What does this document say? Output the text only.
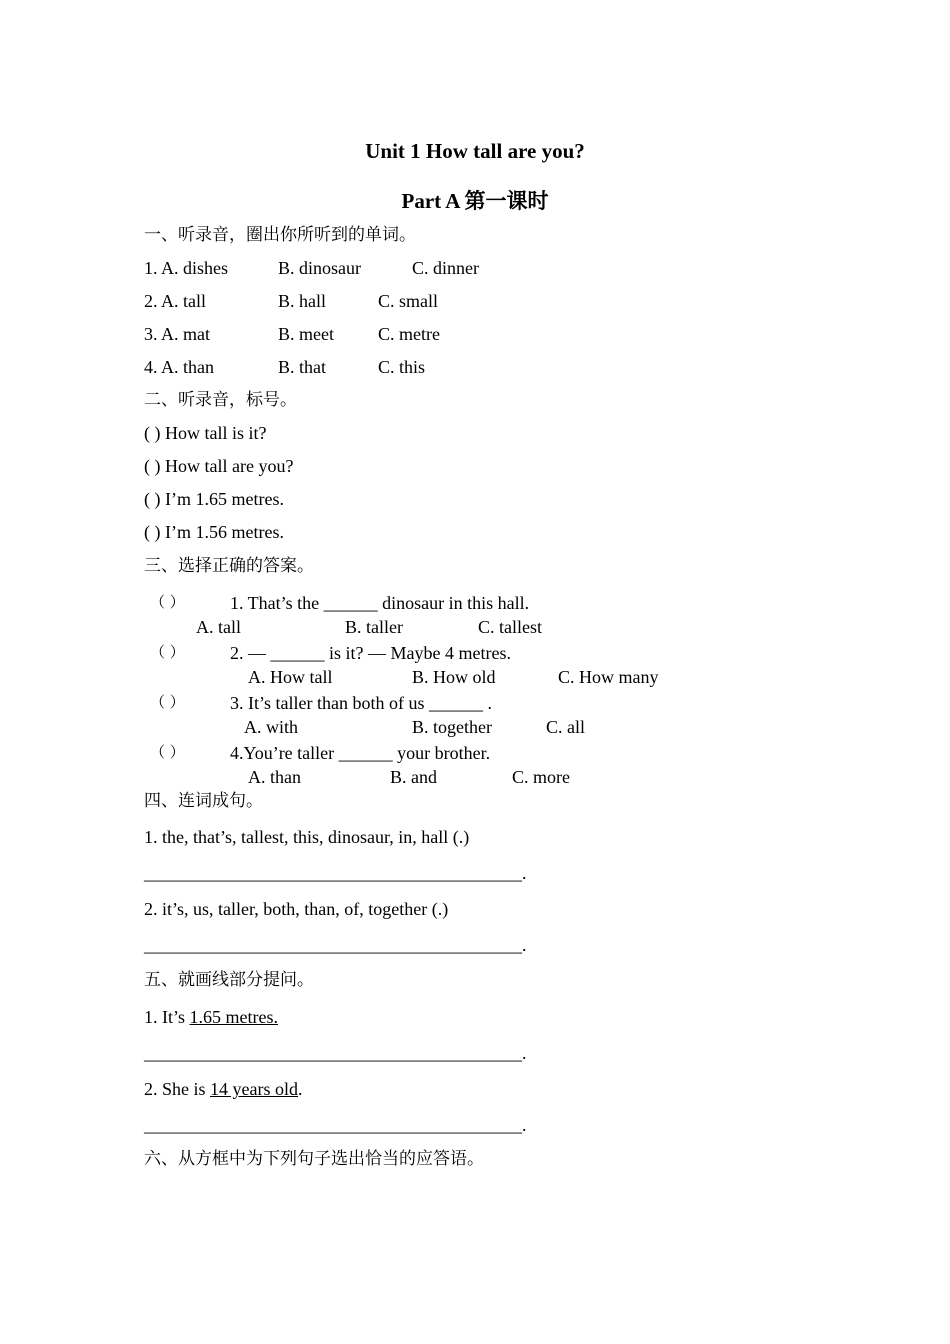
Unit 1 How tall are you?
Part A 第一课时
一、听录音，圈出你所听到的单词。
1. A. dishes	B. dinosaur	C. dinner
2. A. tall	B. hall	C. small
3. A. mat	B. meet C. metre
4. A. than	B. that	C. this
二、听录音，标号。
( ) How tall is it?
( ) How tall are you?
( ) I’m 1.65 metres.
( ) I’m 1.56 metres.
三、选择正确的答案。
（ ）	1. That’s the ______ dinosaur in this hall.
A. tall	B. taller	C. tallest
（ ）	2. — ______ is it? — Maybe 4 metres.
A. How tall	B. How old	C. How many
（ ）	3. It’s taller than both of us ______ .
A. with	B. together	C. all
（ ）	4.You’re taller ______ your brother.
A. than	B. and	C. more
四、连词成句。
1. the, that’s, tallest, this, dinosaur, in, hall (.)
__________________________________________.
2. it’s, us, taller, both, than, of, together (.)
__________________________________________.
五、就画线部分提问。
1. It’s 1.65 metres.
__________________________________________.
2. She is 14 years old.
__________________________________________.
六、从方框中为下列句子选出恰当的应答语。
